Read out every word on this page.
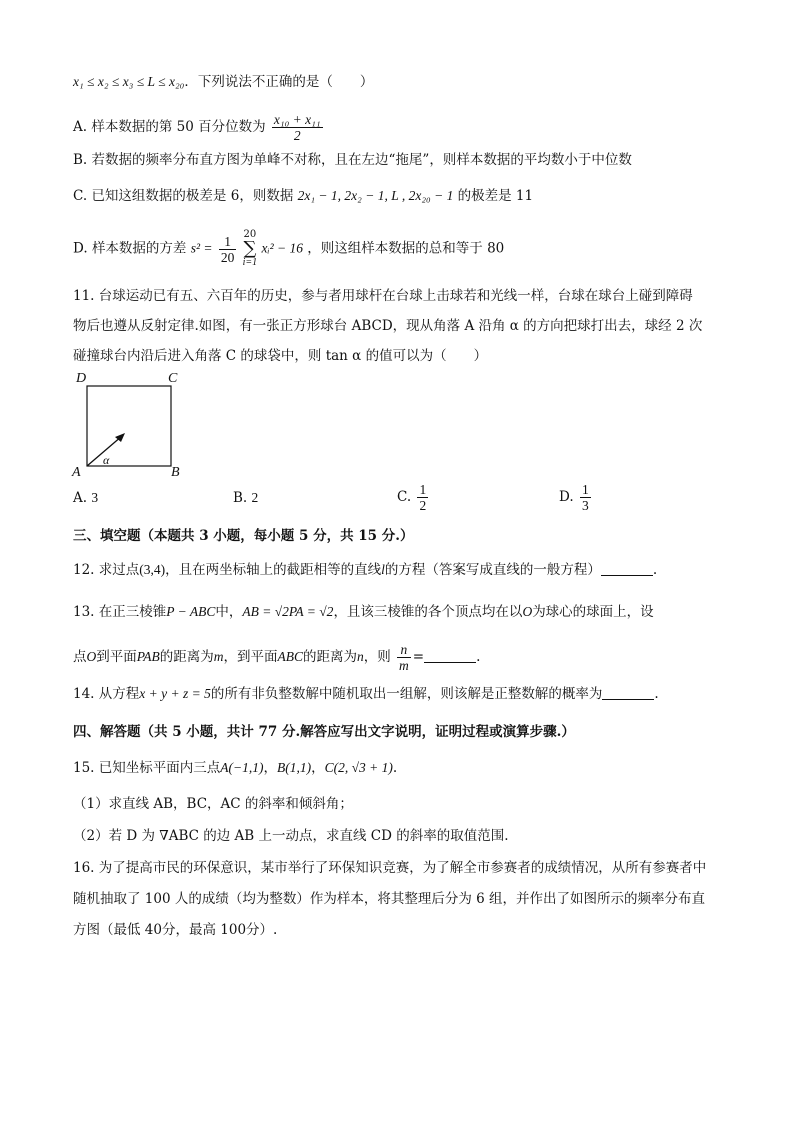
x₁ ≤ x₂ ≤ x₃ ≤ L ≤ x₂₀．下列说法不正确的是（　　）
A. 样本数据的第 50 百分位数为 $\frac{\text{x₁₀ + x₁₁}}{2}$
B. 若数据的频率分布直方图为单峰不对称，且在左边“拖尾”，则样本数据的平均数小于中位数
C. 已知这组数据的极差是 6，则数据 2x₁ − 1, 2x₂ − 1, L , 2x₂₀ − 1 的极差是 11
D. 样本数据的方差 $s^2 = \frac{1}{20}$
20
∑
i=1
xᵢ² − 16 ，则这组样本数据的总和等于 80
11. 台球运动已有五、六百年的历史，参与者用球杆在台球上击球若和光线一样，台球在球台上碰到障碍
物后也遵从反射定律.如图，有一张正方形球台 ABCD，现从角落 A 沿角 α 的方向把球打出去，球经 2 次
碰撞球台内沿后进入角落 C 的球袋中，则 tan α 的值可以为（　　）
D	C
A	B
α
A. 3	B. 2	C. $\frac{1}{2}$	D. $\frac{1}{3}$
三、填空题（本题共 3 小题，每小题 5 分，共 15 分.）
12. 求过点(3,4)，且在两坐标轴上的截距相等的直线l的方程（答案写成直线的一般方程）	.
13. 在正三棱锥P − ABC中，AB = √2PA = √2，且该三棱锥的各个顶点均在以O为球心的球面上，设
点O到平面PAB的距离为m，到平面ABC的距离为n，则 $\frac{n}{m}$ =	.
14. 从方程x + y + z = 5的所有非负整数解中随机取出一组解，则该解是正整数解的概率为	.
四、解答题（共 5 小题，共计 77 分.解答应写出文字说明，证明过程或演算步骤.）
15. 已知坐标平面内三点A(−1,1)，B(1,1)，C(2, √3 + 1).
（1）求直线 AB，BC，AC 的斜率和倾斜角；
（2）若 D 为 ∇ABC 的边 AB 上一动点，求直线 CD 的斜率的取值范围.
16. 为了提高市民的环保意识，某市举行了环保知识竞赛，为了解全市参赛者的成绩情况，从所有参赛者中
随机抽取了 100 人的成绩（均为整数）作为样本，将其整理后分为 6 组，并作出了如图所示的频率分布直
方图（最低 40分，最高 100分）.
